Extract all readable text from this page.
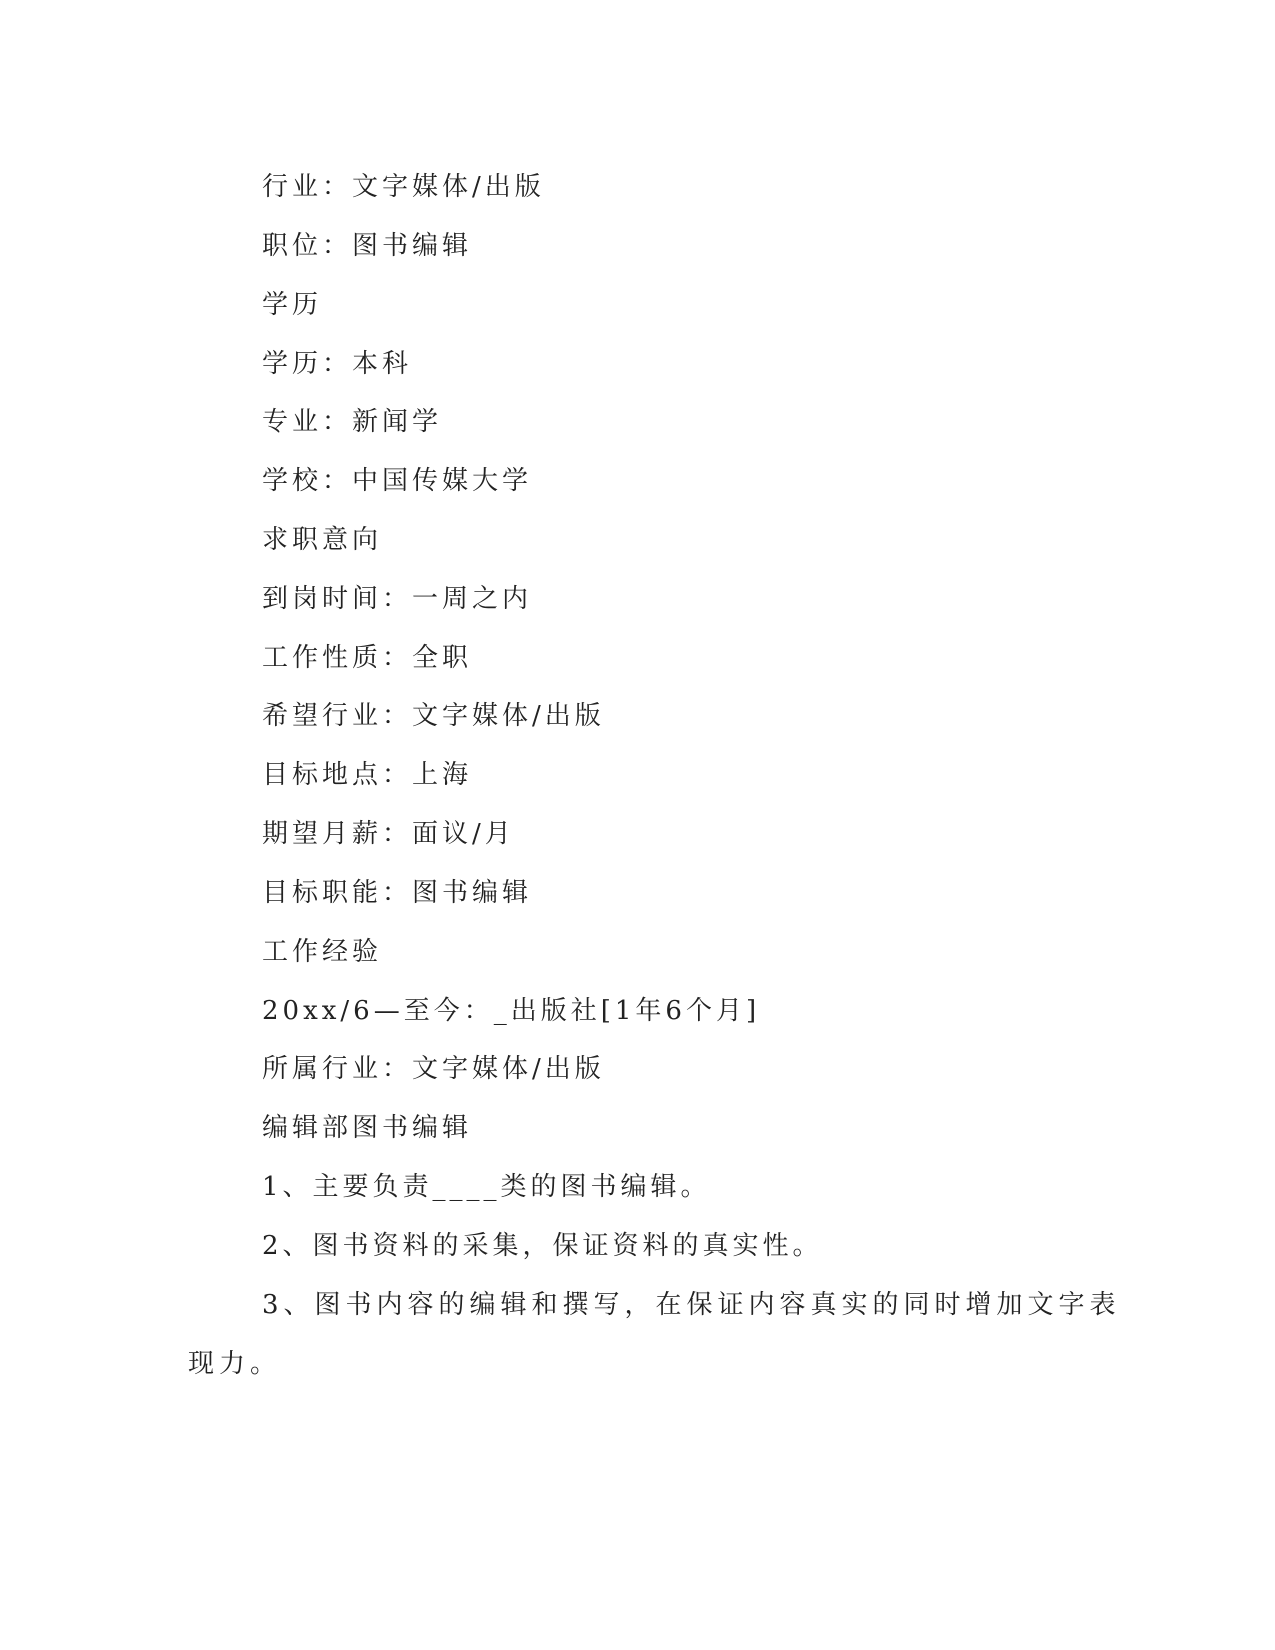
行业：文字媒体/出版
职位：图书编辑
学历
学历：本科
专业：新闻学
学校：中国传媒大学
求职意向
到岗时间：一周之内
工作性质：全职
希望行业：文字媒体/出版
目标地点：上海
期望月薪：面议/月
目标职能：图书编辑
工作经验
20xx/6—至今：_出版社[1年6个月]
所属行业：文字媒体/出版
编辑部图书编辑
1、主要负责____类的图书编辑。
2、图书资料的采集，保证资料的真实性。
3、图书内容的编辑和撰写，在保证内容真实的同时增加文字表
现力。
